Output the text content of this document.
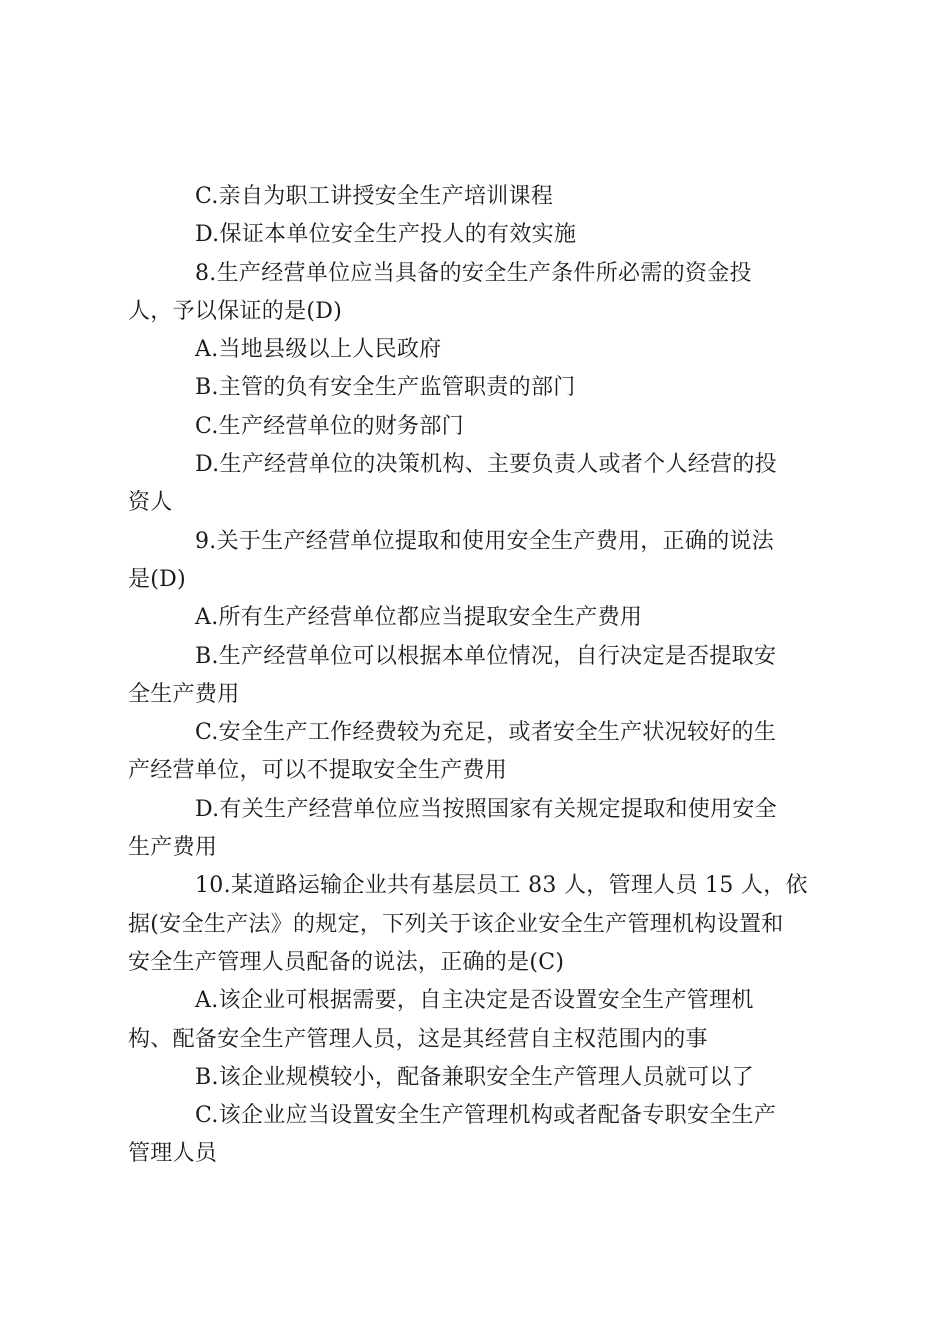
C.亲自为职工讲授安全生产培训课程
D.保证本单位安全生产投人的有效实施
8.生产经营单位应当具备的安全生产条件所必需的资金投
人，予以保证的是(D)
A.当地县级以上人民政府
B.主管的负有安全生产监管职责的部门
C.生产经营单位的财务部门
D.生产经营单位的决策机构、主要负责人或者个人经营的投
资人
9.关于生产经营单位提取和使用安全生产费用，正确的说法
是(D)
A.所有生产经营单位都应当提取安全生产费用
B.生产经营单位可以根据本单位情况，自行决定是否提取安
全生产费用
C.安全生产工作经费较为充足，或者安全生产状况较好的生
产经营单位，可以不提取安全生产费用
D.有关生产经营单位应当按照国家有关规定提取和使用安全
生产费用
10.某道路运输企业共有基层员工 83 人，管理人员 15 人，依
据(安全生产法》的规定，下列关于该企业安全生产管理机构设置和
安全生产管理人员配备的说法，正确的是(C)
A.该企业可根据需要，自主决定是否设置安全生产管理机
构、配备安全生产管理人员，这是其经营自主权范围内的事
B.该企业规模较小，配备兼职安全生产管理人员就可以了
C.该企业应当设置安全生产管理机构或者配备专职安全生产
管理人员
